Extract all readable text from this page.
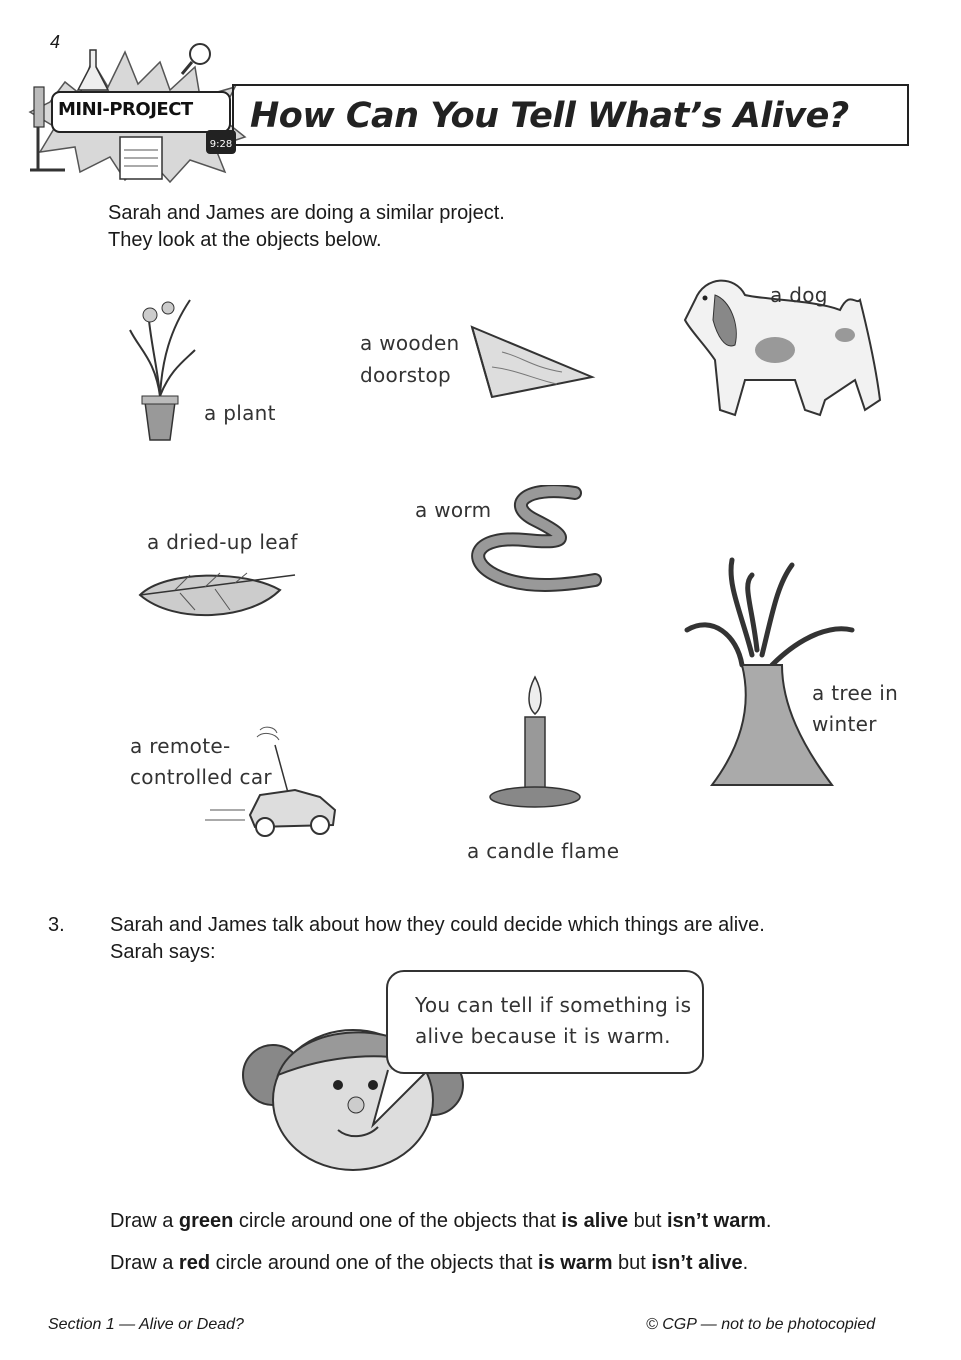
4
9:28
MINI-PROJECT How Can You Tell What’s Alive?
Sarah and James are doing a similar project.
They look at the objects below.
a plant
a wooden
doorstop
a dog
a dried-up leaf
a worm
a tree in
winter
a remote-
controlled car
a candle flame
3. Sarah and James talk about how they could decide which things are alive.
Sarah says:
You can tell if something is
alive because it is warm.
Draw a green circle around one of the objects that is alive but isn’t warm.
Draw a red circle around one of the objects that is warm but isn’t alive.
Section 1 — Alive or Dead?	© CGP — not to be photocopied
